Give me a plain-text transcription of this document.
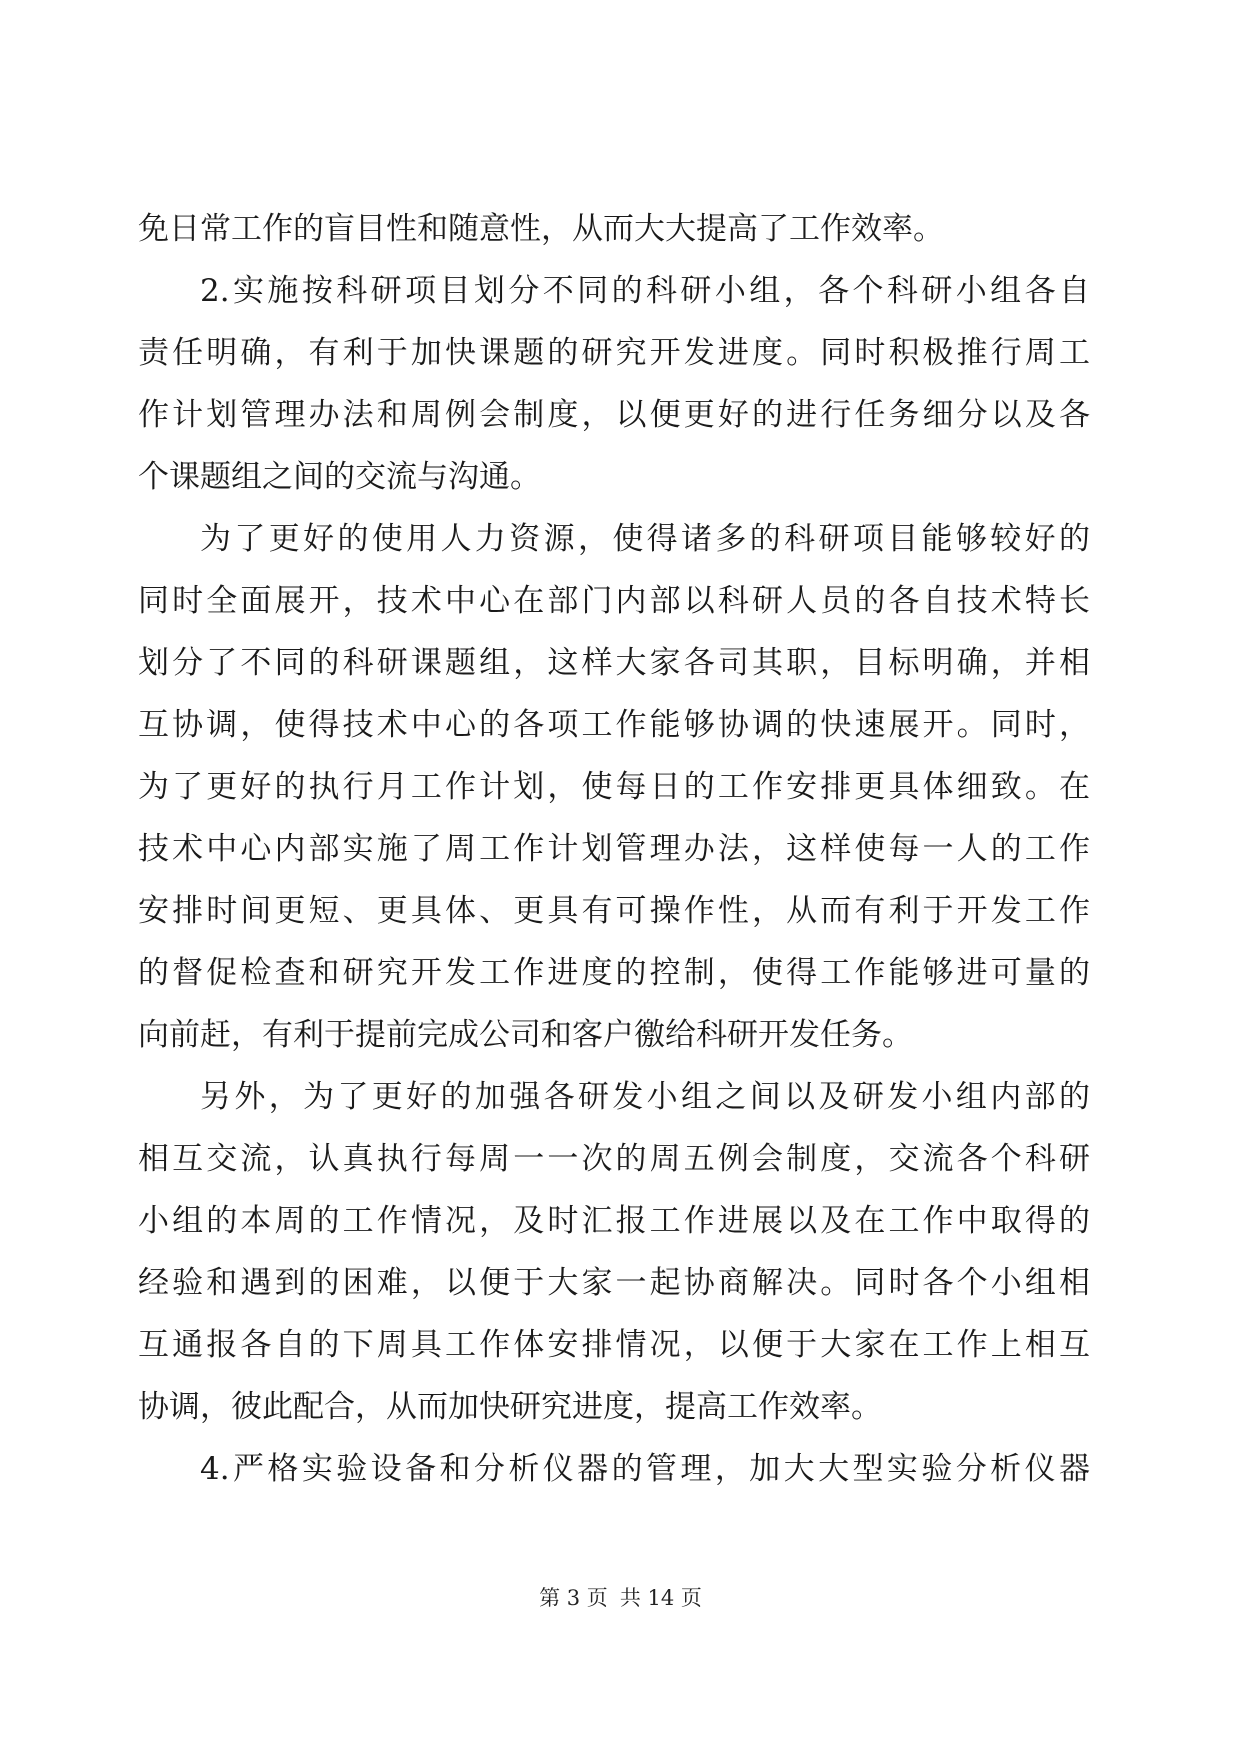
免日常工作的盲目性和随意性，从而大大提高了工作效率。
2.实施按科研项目划分不同的科研小组，各个科研小组各自
责任明确，有利于加快课题的研究开发进度。同时积极推行周工
作计划管理办法和周例会制度，以便更好的进行任务细分以及各
个课题组之间的交流与沟通。
为了更好的使用人力资源，使得诸多的科研项目能够较好的
同时全面展开，技术中心在部门内部以科研人员的各自技术特长
划分了不同的科研课题组，这样大家各司其职，目标明确，并相
互协调，使得技术中心的各项工作能够协调的快速展开。同时，
为了更好的执行月工作计划，使每日的工作安排更具体细致。在
技术中心内部实施了周工作计划管理办法，这样使每一人的工作
安排时间更短、更具体、更具有可操作性，从而有利于开发工作
的督促检查和研究开发工作进度的控制，使得工作能够进可量的
向前赶，有利于提前完成公司和客户徼给科研开发任务。
另外，为了更好的加强各研发小组之间以及研发小组内部的
相互交流，认真执行每周一一次的周五例会制度，交流各个科研
小组的本周的工作情况，及时汇报工作进展以及在工作中取得的
经验和遇到的困难，以便于大家一起协商解决。同时各个小组相
互通报各自的下周具工作体安排情况，以便于大家在工作上相互
协调，彼此配合，从而加快研究进度，提高工作效率。
4.严格实验设备和分析仪器的管理，加大大型实验分析仪器
第 3 页 共 14 页
